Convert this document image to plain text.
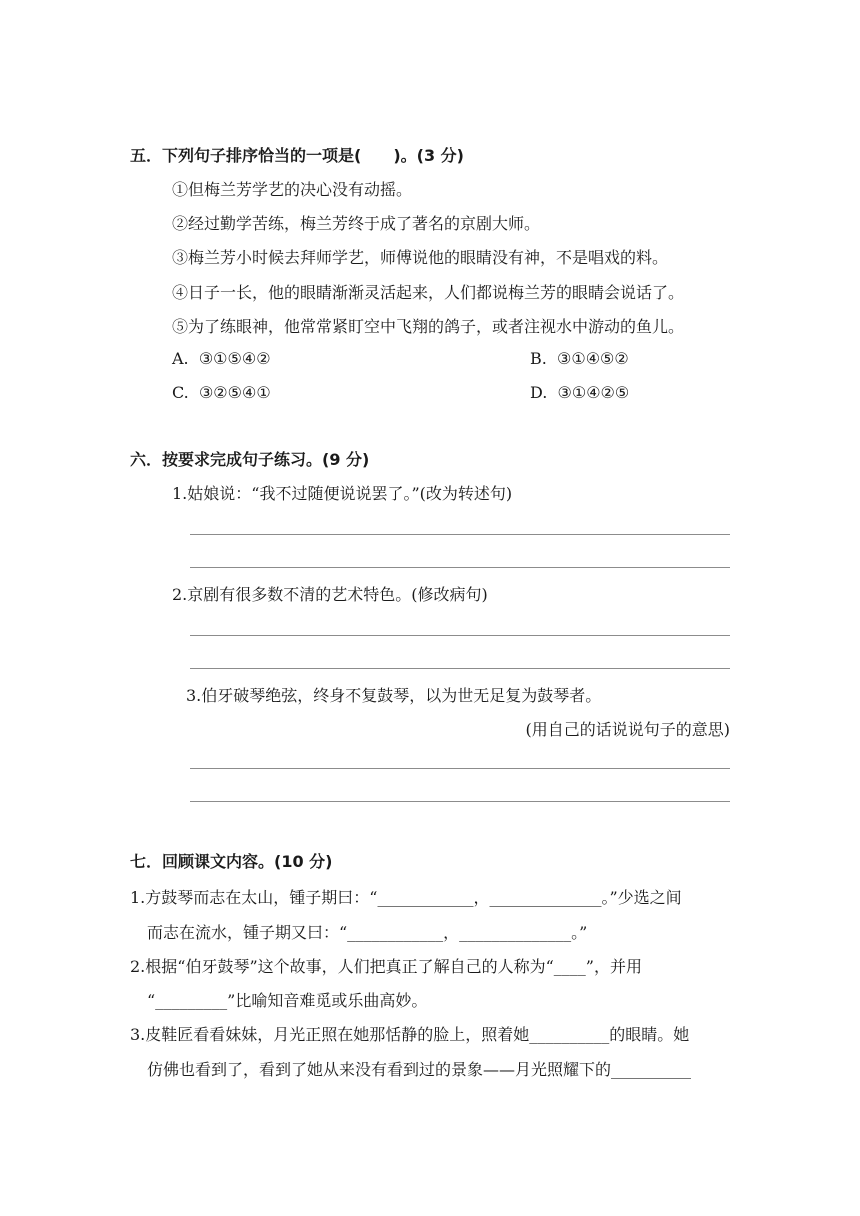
五．下列句子排序恰当的一项是(　　)。(3 分)
①但梅兰芳学艺的决心没有动摇。
②经过勤学苦练，梅兰芳终于成了著名的京剧大师。
③梅兰芳小时候去拜师学艺，师傅说他的眼睛没有神，不是唱戏的料。
④日子一长，他的眼睛渐渐灵活起来，人们都说梅兰芳的眼睛会说话了。
⑤为了练眼神，他常常紧盯空中飞翔的鸽子，或者注视水中游动的鱼儿。
A. ③①⑤④②	B. ③①④⑤②
C. ③②⑤④①	D. ③①④②⑤
六．按要求完成句子练习。(9 分)
1.姑娘说：“我不过随便说说罢了。”(改为转述句)
2.京剧有很多数不清的艺术特色。(修改病句)
3.伯牙破琴绝弦，终身不复鼓琴，以为世无足复为鼓琴者。
(用自己的话说说句子的意思)
七．回顾课文内容。(10 分)
1.方鼓琴而志在太山，锺子期曰：“____________，______________。”少选之间
而志在流水，锺子期又曰：“____________，______________。”
2.根据“伯牙鼓琴”这个故事，人们把真正了解自己的人称为“____”，并用
“_________”比喻知音难觅或乐曲高妙。
3.皮鞋匠看看妹妹，月光正照在她那恬静的脸上，照着她__________的眼睛。她
仿佛也看到了，看到了她从来没有看到过的景象——月光照耀下的__________
